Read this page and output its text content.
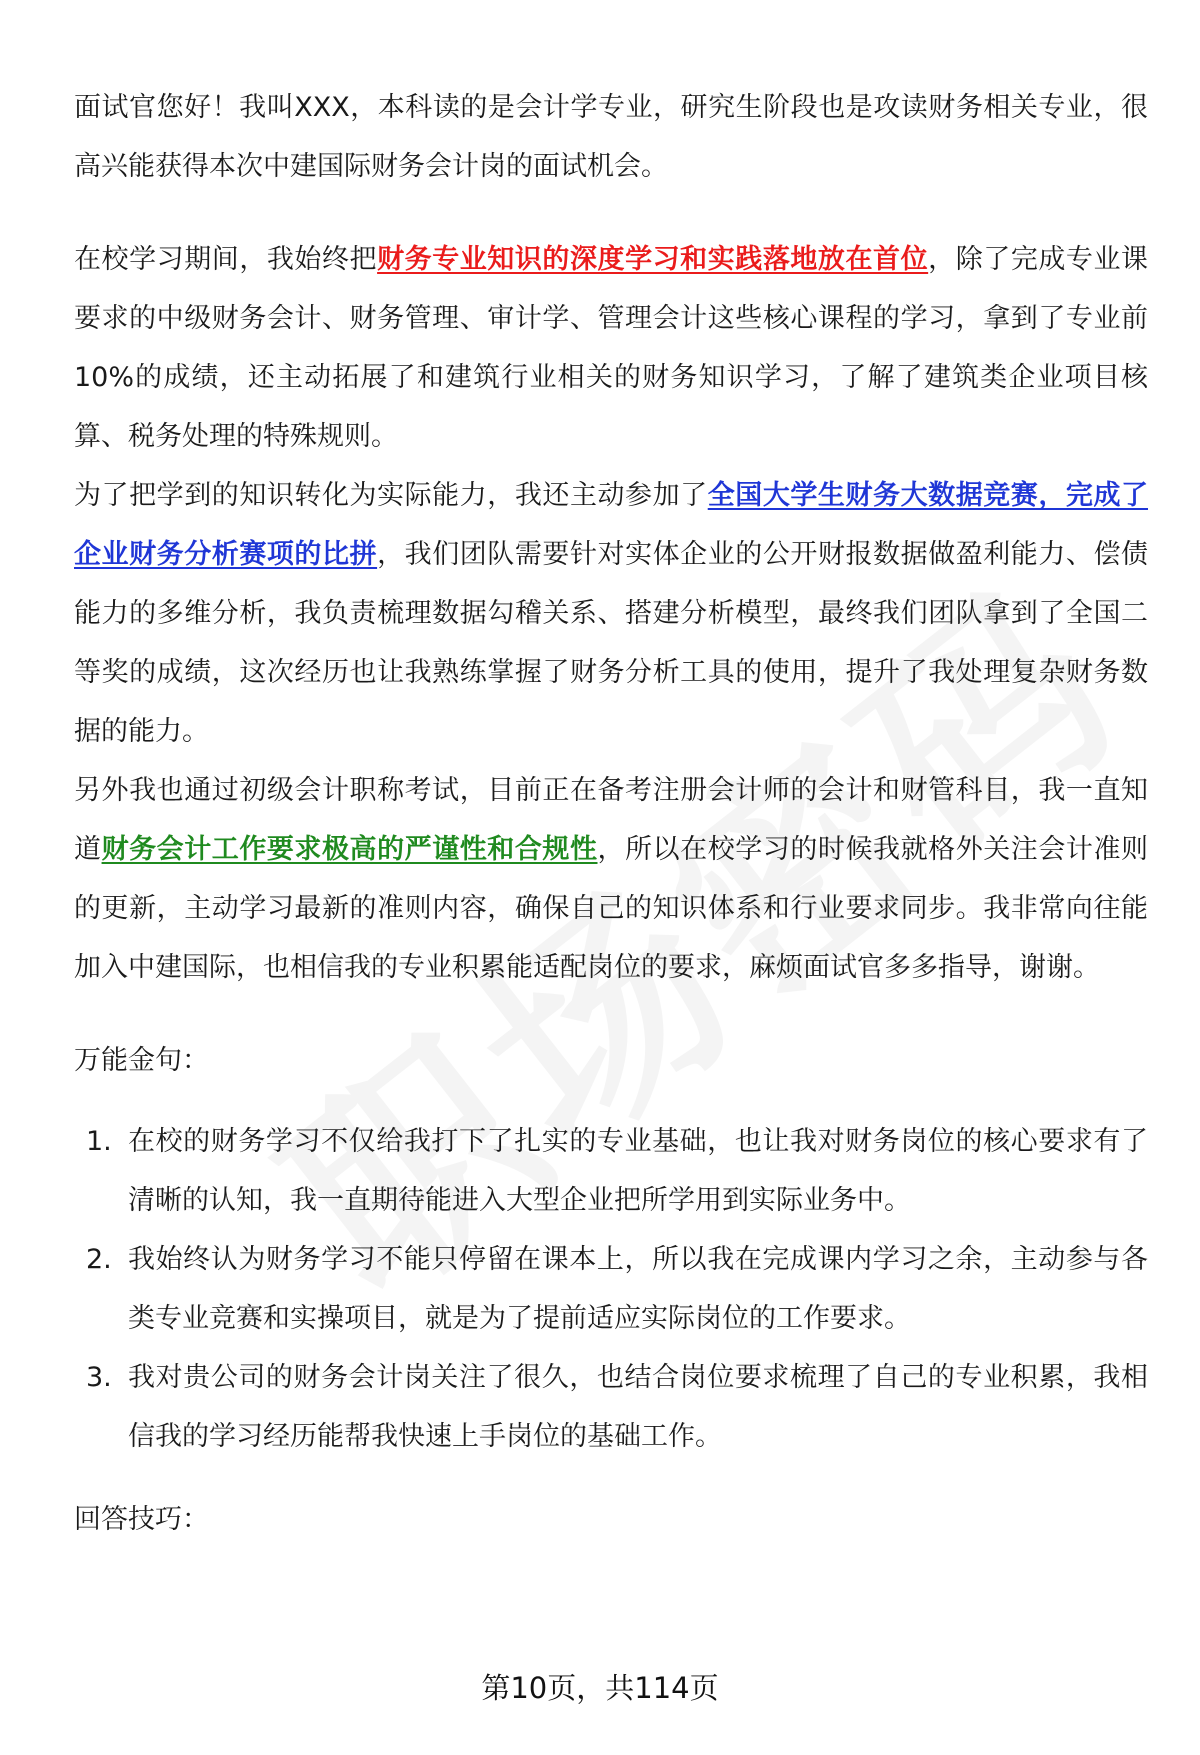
面试官您好！我叫XXX，本科读的是会计学专业，研究生阶段也是攻读财务相关专业，很高兴能获得本次中建国际财务会计岗的面试机会。

在校学习期间，我始终把财务专业知识的深度学习和实践落地放在首位，除了完成专业课要求的中级财务会计、财务管理、审计学、管理会计这些核心课程的学习，拿到了专业前10%的成绩，还主动拓展了和建筑行业相关的财务知识学习，了解了建筑类企业项目核算、税务处理的特殊规则。

为了把学到的知识转化为实际能力，我还主动参加了全国大学生财务大数据竞赛，完成了企业财务分析赛项的比拼，我们团队需要针对实体企业的公开财报数据做盈利能力、偿债能力的多维分析，我负责梳理数据勾稽关系、搭建分析模型，最终我们团队拿到了全国二等奖的成绩，这次经历也让我熟练掌握了财务分析工具的使用，提升了我处理复杂财务数据的能力。

另外我也通过初级会计职称考试，目前正在备考注册会计师的会计和财管科目，我一直知道财务会计工作要求极高的严谨性和合规性，所以在校学习的时候我就格外关注会计准则的更新，主动学习最新的准则内容，确保自己的知识体系和行业要求同步。我非常向往能加入中建国际，也相信我的专业积累能适配岗位的要求，麻烦面试官多多指导，谢谢。

万能金句：

1. 在校的财务学习不仅给我打下了扎实的专业基础，也让我对财务岗位的核心要求有了清晰的认知，我一直期待能进入大型企业把所学用到实际业务中。
2. 我始终认为财务学习不能只停留在课本上，所以我在完成课内学习之余，主动参与各类专业竞赛和实操项目，就是为了提前适应实际岗位的工作要求。
3. 我对贵公司的财务会计岗关注了很久，也结合岗位要求梳理了自己的专业积累，我相信我的学习经历能帮我快速上手岗位的基础工作。

回答技巧：

第10页，共114页
